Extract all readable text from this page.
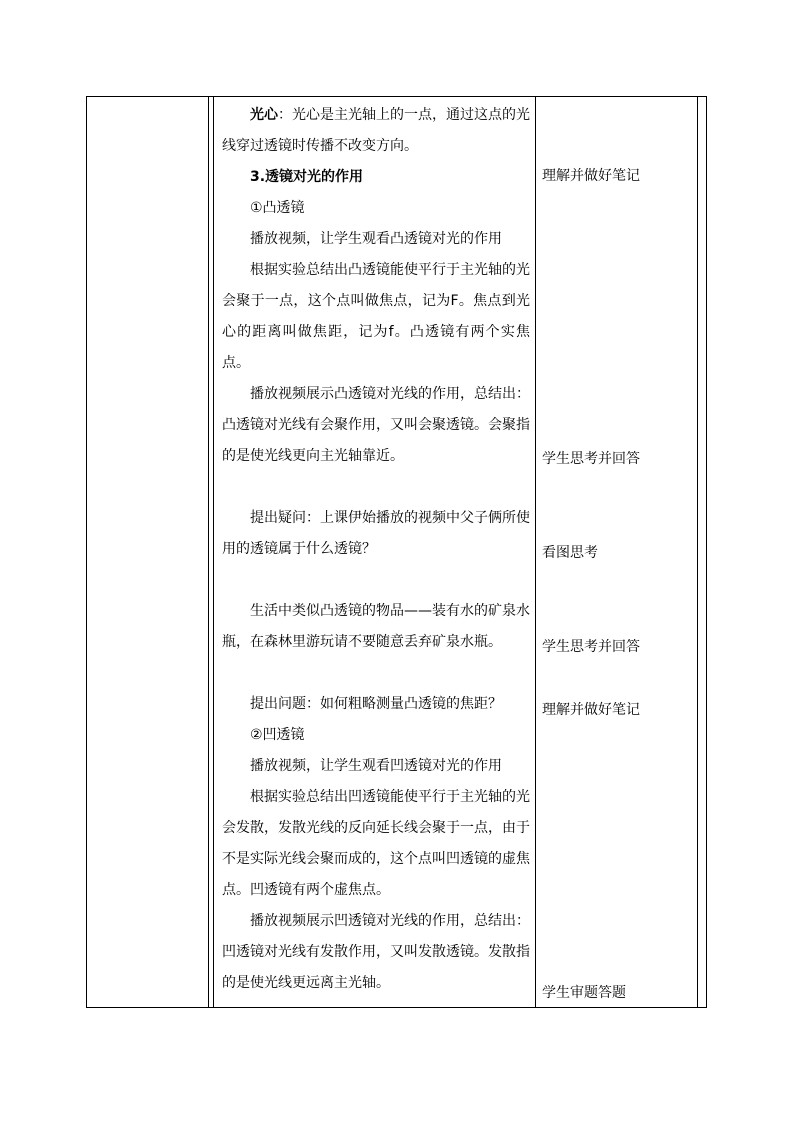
光心：光心是主光轴上的一点，通过这点的光线穿过透镜时传播不改变方向。

3.透镜对光的作用

①凸透镜

播放视频，让学生观看凸透镜对光的作用

根据实验总结出凸透镜能使平行于主光轴的光会聚于一点，这个点叫做焦点，记为F。焦点到光心的距离叫做焦距，记为f。凸透镜有两个实焦点。

播放视频展示凸透镜对光线的作用，总结出：凸透镜对光线有会聚作用，又叫会聚透镜。会聚指的是使光线更向主光轴靠近。

提出疑问：上课伊始播放的视频中父子俩所使用的透镜属于什么透镜？

生活中类似凸透镜的物品——装有水的矿泉水瓶，在森林里游玩请不要随意丢弃矿泉水瓶。

提出问题：如何粗略测量凸透镜的焦距？

②凹透镜

播放视频，让学生观看凹透镜对光的作用

根据实验总结出凹透镜能使平行于主光轴的光会发散，发散光线的反向延长线会聚于一点，由于不是实际光线会聚而成的，这个点叫凹透镜的虚焦点。凹透镜有两个虚焦点。

播放视频展示凹透镜对光线的作用，总结出：凹透镜对光线有发散作用，又叫发散透镜。发散指的是使光线更远离主光轴。

理解并做好笔记
学生思考并回答
看图思考
学生思考并回答
理解并做好笔记
学生审题答题
